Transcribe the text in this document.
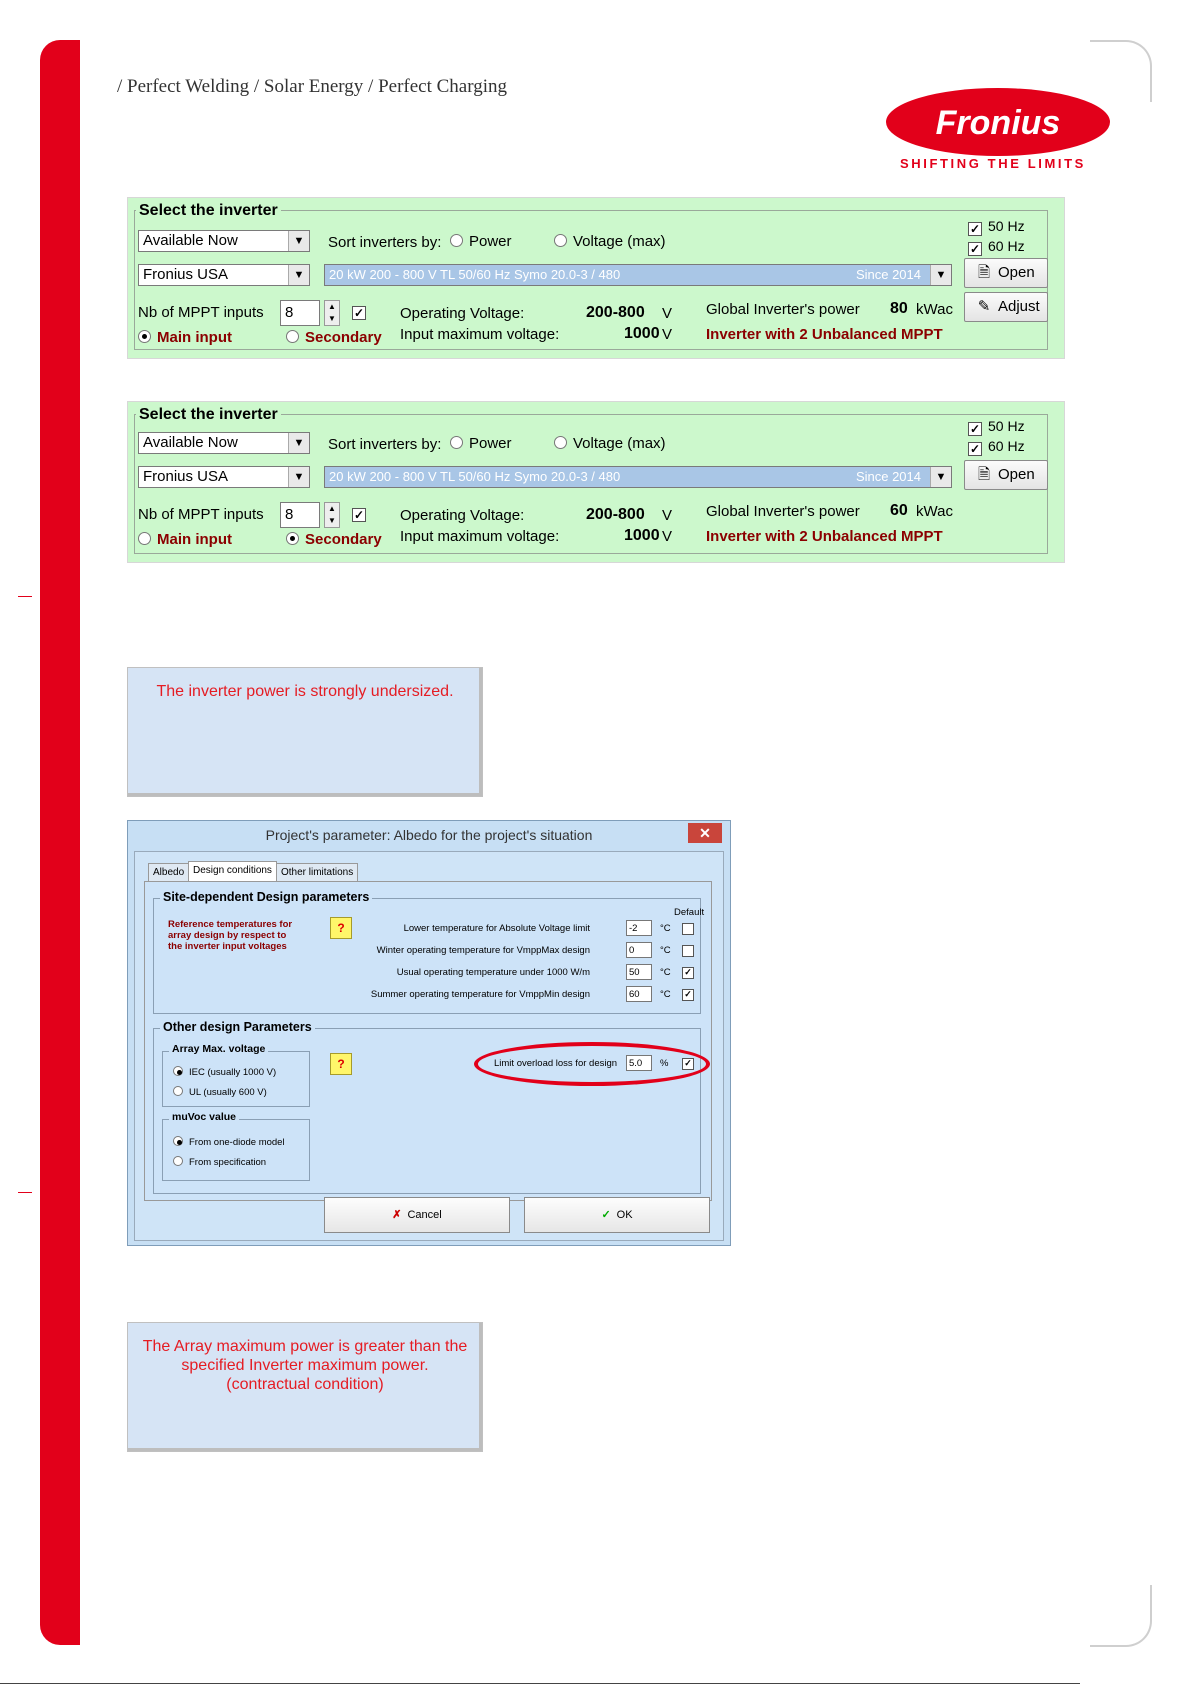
/ Perfect Welding / Solar Energy / Perfect Charging
Fronius
SHIFTING THE LIMITS
Select the inverter
Available Now	▼	Sort inverters by:	Power	Voltage (max)
✓ 50 Hz
✓ 60 Hz
Fronius USA	▼	20 kW 200 - 800 V TL 50/60 Hz Symo 20.0-3 / 480	Since 2014	▼	🗎 Open
✎ Adjust
Nb of MPPT inputs	8	▲
▼	✓	Operating Voltage:	200-800 V Global Inverter's power 80 kWac
Main input	Secondary Input maximum voltage:	1000 V Inverter with 2 Unbalanced MPPT
Select the inverter
Available Now	▼	Sort inverters by:	Power	Voltage (max)
✓ 50 Hz
✓ 60 Hz
Fronius USA	▼	20 kW 200 - 800 V TL 50/60 Hz Symo 20.0-3 / 480	Since 2014	▼	🗎 Open
Nb of MPPT inputs	8	▲
▼	✓	Operating Voltage:	200-800 V Global Inverter's power 60 kWac
Main input	Secondary Input maximum voltage:	1000 V Inverter with 2 Unbalanced MPPT
The inverter power is strongly undersized.
Project's parameter: Albedo for the project's situation	✕
Albedo Design conditions Other limitations
Site-dependent Design parameters
Default
Reference temperatures for array design by respect to the inverter input voltages
?	Lower temperature for Absolute Voltage limit	-2	°C
Winter operating temperature for VmppMax design	0	°C
Usual operating temperature under 1000 W/m	50	°C ✓
Summer operating temperature for VmppMin design	60	°C ✓
Other design Parameters
Array Max. voltage
IEC (usually 1000 V)
UL (usually 600 V)
?	Limit overload loss for design	5.0	% ✓
muVoc value
From one-diode model
From specification
✗ Cancel	✓ OK
The Array maximum power is greater than the
specified Inverter maximum power.
(contractual condition)
